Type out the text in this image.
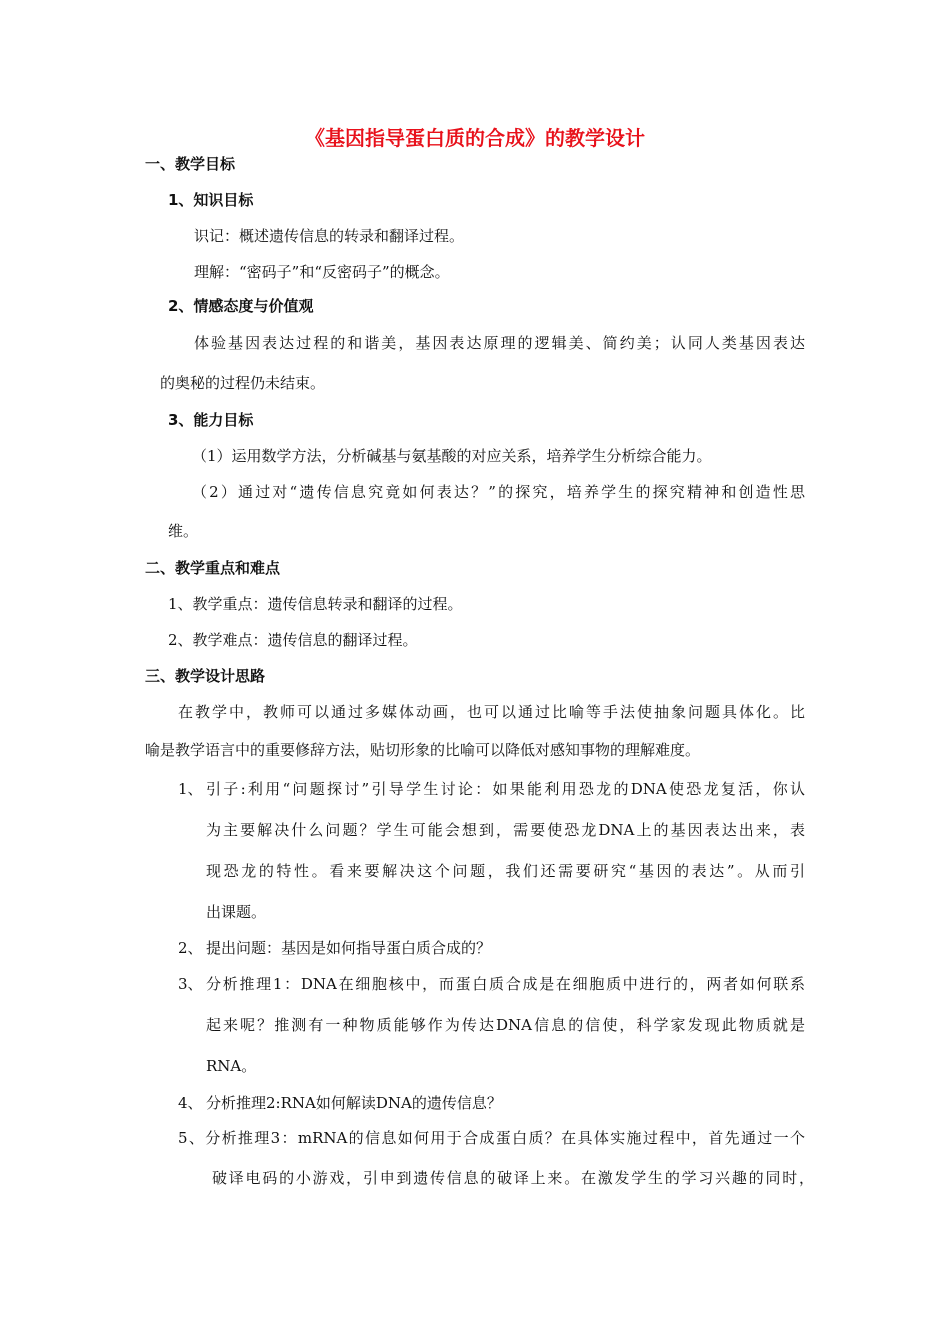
《基因指导蛋白质的合成》的教学设计
一、教学目标
1、知识目标
识记：概述遗传信息的转录和翻译过程。
理解：“密码子”和“反密码子”的概念。
2、情感态度与价值观
体验基因表达过程的和谐美，基因表达原理的逻辑美、简约美；认同人类基因表达
的奥秘的过程仍未结束。
3、能力目标
（1）运用数学方法，分析碱基与氨基酸的对应关系，培养学生分析综合能力。
（2）通过对“遗传信息究竟如何表达？”的探究，培养学生的探究精神和创造性思
维。
二、教学重点和难点
1、教学重点：遗传信息转录和翻译的过程。
2、教学难点：遗传信息的翻译过程。
三、教学设计思路
在教学中，教师可以通过多媒体动画，也可以通过比喻等手法使抽象问题具体化。比
喻是教学语言中的重要修辞方法，贴切形象的比喻可以降低对感知事物的理解难度。
1、 引子:利用“问题探讨”引导学生讨论：如果能利用恐龙的DNA使恐龙复活，你认
为主要解决什么问题？学生可能会想到，需要使恐龙DNA上的基因表达出来，表
现恐龙的特性。看来要解决这个问题，我们还需要研究“基因的表达”。从而引
出课题。
2、 提出问题：基因是如何指导蛋白质合成的？
3、 分析推理1：DNA在细胞核中，而蛋白质合成是在细胞质中进行的，两者如何联系
起来呢？推测有一种物质能够作为传达DNA信息的信使，科学家发现此物质就是
RNA。
4、 分析推理2:RNA如何解读DNA的遗传信息？
5、分析推理3：mRNA的信息如何用于合成蛋白质？在具体实施过程中，首先通过一个
破译电码的小游戏，引申到遗传信息的破译上来。在激发学生的学习兴趣的同时，
